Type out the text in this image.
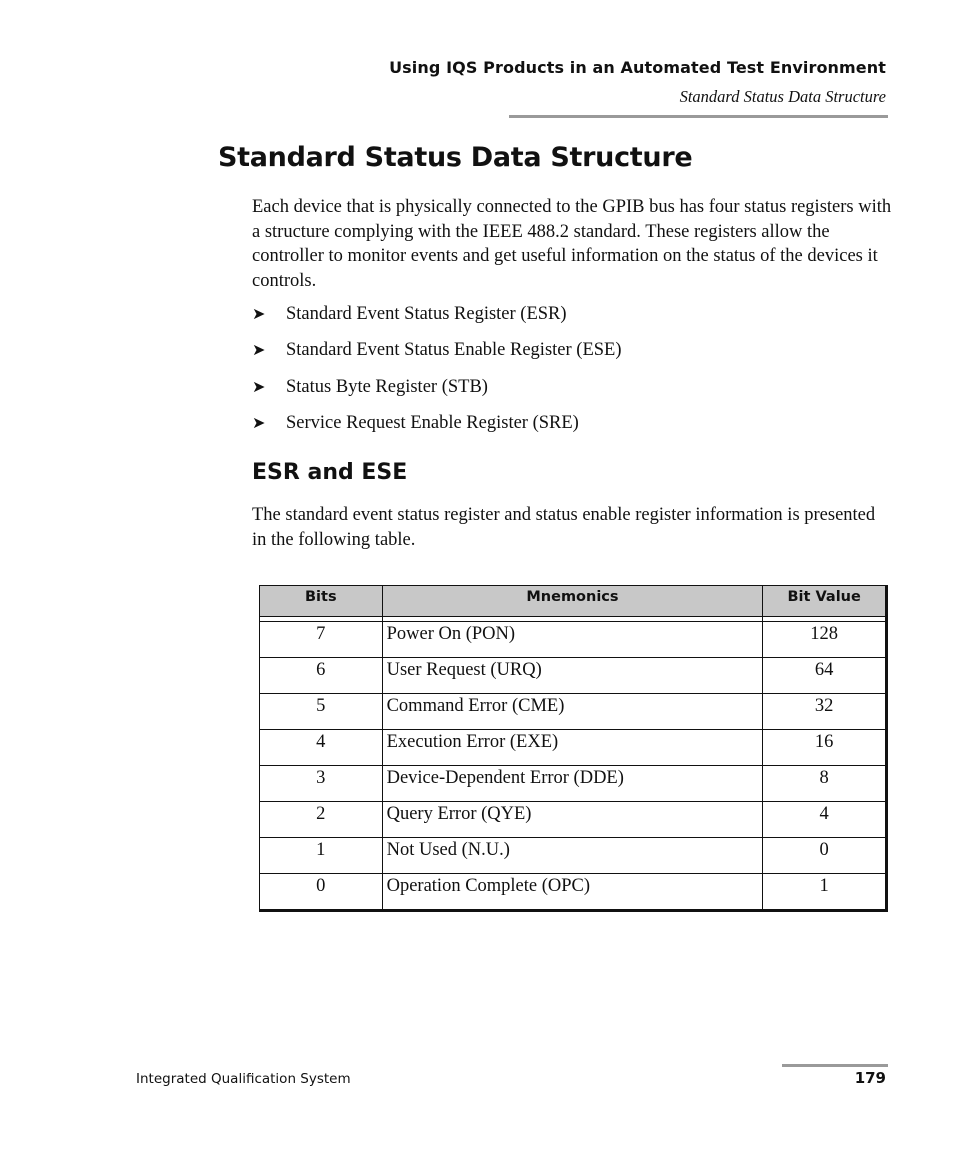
Using IQS Products in an Automated Test Environment
Standard Status Data Structure
Standard Status Data Structure

Each device that is physically connected to the GPIB bus has four status registers with a structure complying with the IEEE 488.2 standard. These registers allow the controller to monitor events and get useful information on the status of the devices it controls.

➤	Standard Event Status Register (ESR)
➤	Standard Event Status Enable Register (ESE)
➤	Status Byte Register (STB)
➤	Service Request Enable Register (SRE)
ESR and ESE

The standard event status register and status enable register information is presented in the following table.

Bits	Mnemonics	Bit Value

7	Power On (PON)	128
6	User Request (URQ)	64
5	Command Error (CME)	32
4	Execution Error (EXE)	16
3	Device-Dependent Error (DDE)	8
2	Query Error (QYE)	4
1	Not Used (N.U.)	0
0	Operation Complete (OPC)	1
Integrated Qualification System	179
